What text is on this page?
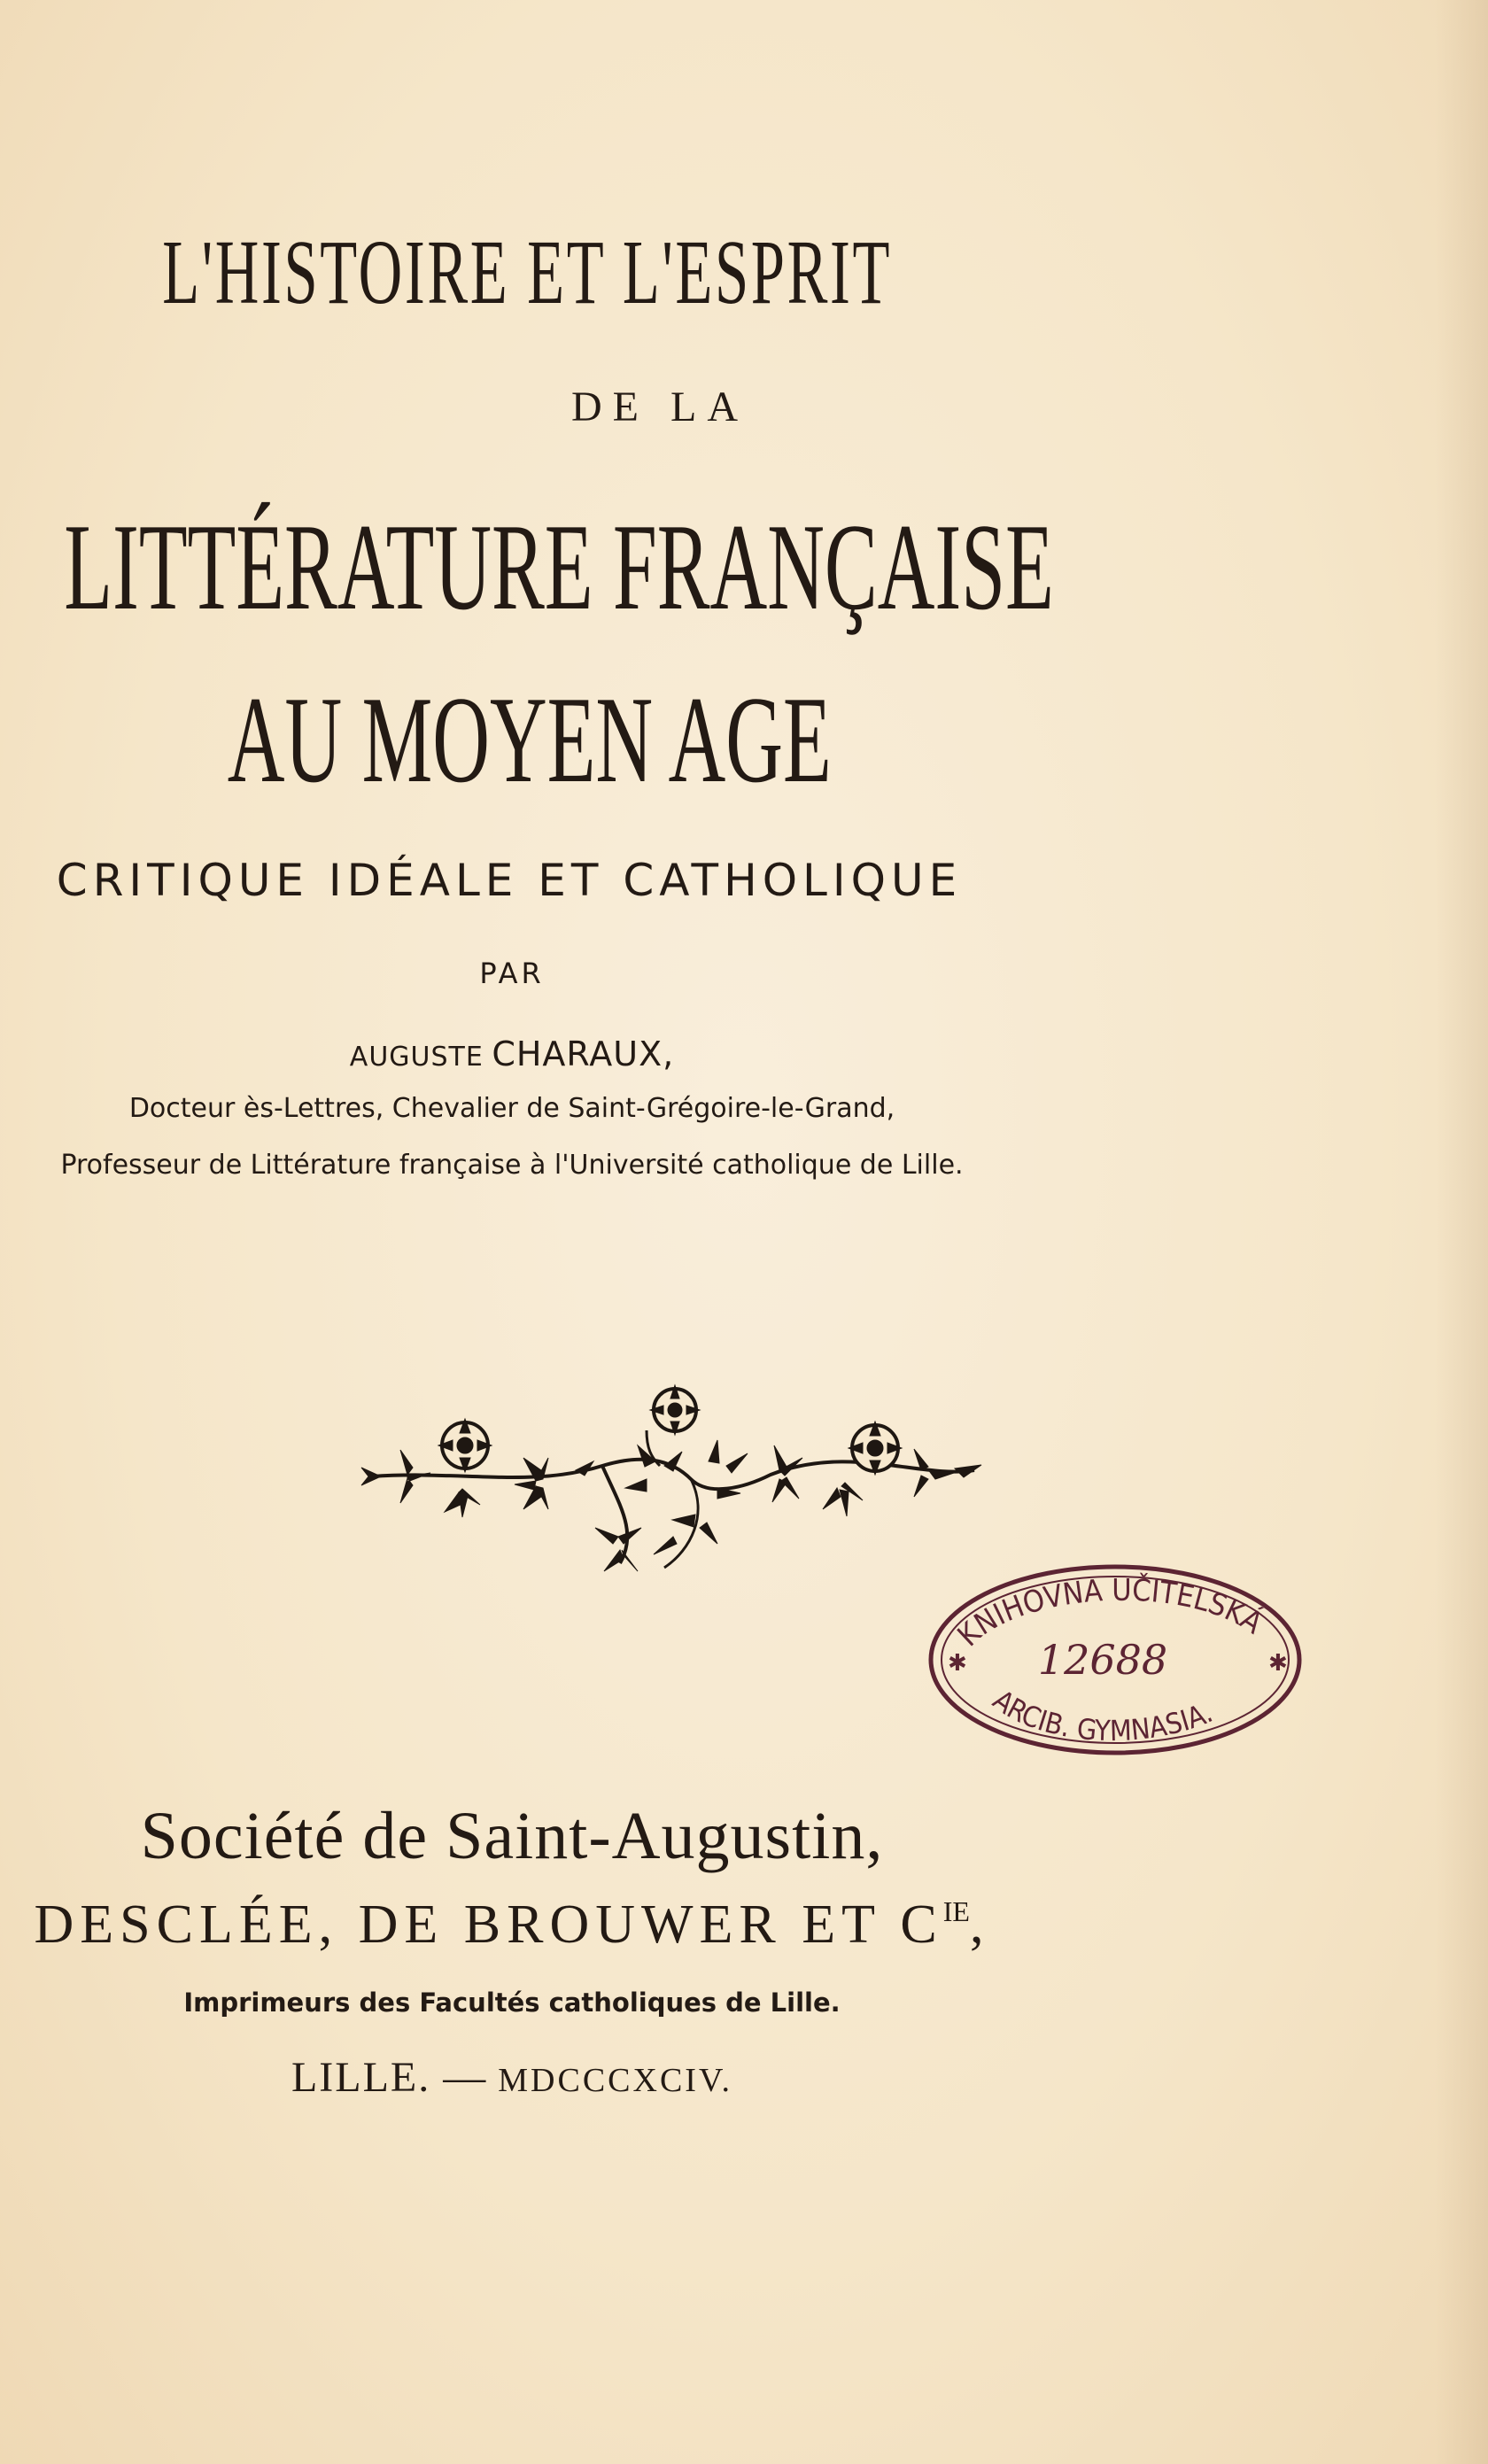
L'HISTOIRE ET L'ESPRIT
DE LA
LITTÉRATURE FRANÇAISE
AU MOYEN AGE
CRITIQUE IDÉALE ET CATHOLIQUE
PAR
AUGUSTE CHARAUX,
Docteur ès-Lettres, Chevalier de Saint-Grégoire-le-Grand,
Professeur de Littérature française à l'Université catholique de Lille.
KNIHOVNA UČITELSKÁ
12688
ARCIB. GYMNASIA.
✱	✱
Société de Saint-Augustin,
DESCLÉE, DE BROUWER ET $C^{IE}$,
Imprimeurs des Facultés catholiques de Lille.
LILLE. — MDCCCXCIV.
